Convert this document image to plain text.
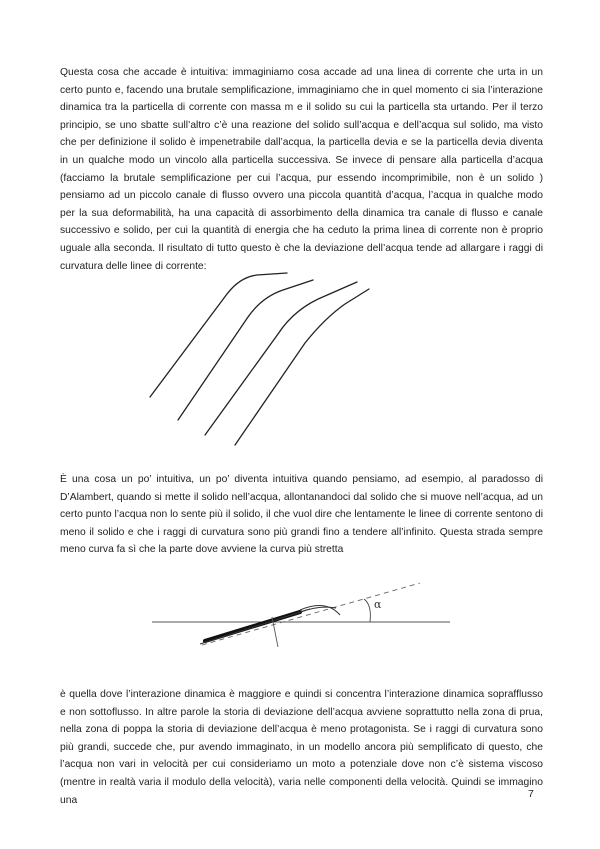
Questa cosa che accade è intuitiva: immaginiamo cosa accade ad una linea di corrente che urta in un certo punto e, facendo una brutale semplificazione, immaginiamo che in quel momento ci sia l’interazione dinamica tra la particella di corrente con massa m e il solido su cui la particella sta urtando. Per il terzo principio, se uno sbatte sull’altro c’è una reazione del solido sull’acqua e dell’acqua sul solido, ma visto che per definizione il solido è impenetrabile dall’acqua, la particella devia e se la particella devia diventa in un qualche modo un vincolo alla particella successiva. Se invece di pensare alla particella d’acqua (facciamo la brutale semplificazione per cui l’acqua, pur essendo incomprimibile, non è un solido ) pensiamo ad un piccolo canale di flusso ovvero una piccola quantità d’acqua, l’acqua in qualche modo per la sua deformabilità, ha una capacità di assorbimento della dinamica tra canale di flusso e canale successivo e solido, per cui la quantità di energia che ha ceduto la prima linea di corrente non è proprio uguale alla seconda. Il risultato di tutto questo è che la deviazione dell’acqua tende ad allargare i raggi di curvatura delle linee di corrente:

È una cosa un po’ intuitiva, un po’ diventa intuitiva quando pensiamo, ad esempio, al paradosso di D’Alambert, quando si mette il solido nell’acqua, allontanandoci dal solido che si muove nell’acqua, ad un certo punto l’acqua non lo sente più il solido, il che vuol dire che lentamente le linee di corrente sentono di meno il solido e che i raggi di curvatura sono più grandi fino a tendere all’infinito. Questa strada sempre meno curva fa sì che la parte dove avviene la curva più stretta

α

è quella dove l’interazione dinamica è maggiore e quindi si concentra l’interazione dinamica soprafflusso e non sottoflusso. In altre parole la storia di deviazione dell’acqua avviene soprattutto nella zona di prua, nella zona di poppa la storia di deviazione dell’acqua è meno protagonista. Se i raggi di curvatura sono più grandi, succede che, pur avendo immaginato, in un modello ancora più semplificato di questo, che l’acqua non vari in velocità per cui consideriamo un moto a potenziale dove non c’è sistema viscoso (mentre in realtà varia il modulo della velocità), varia nelle componenti della velocità. Quindi se immagino una

7
